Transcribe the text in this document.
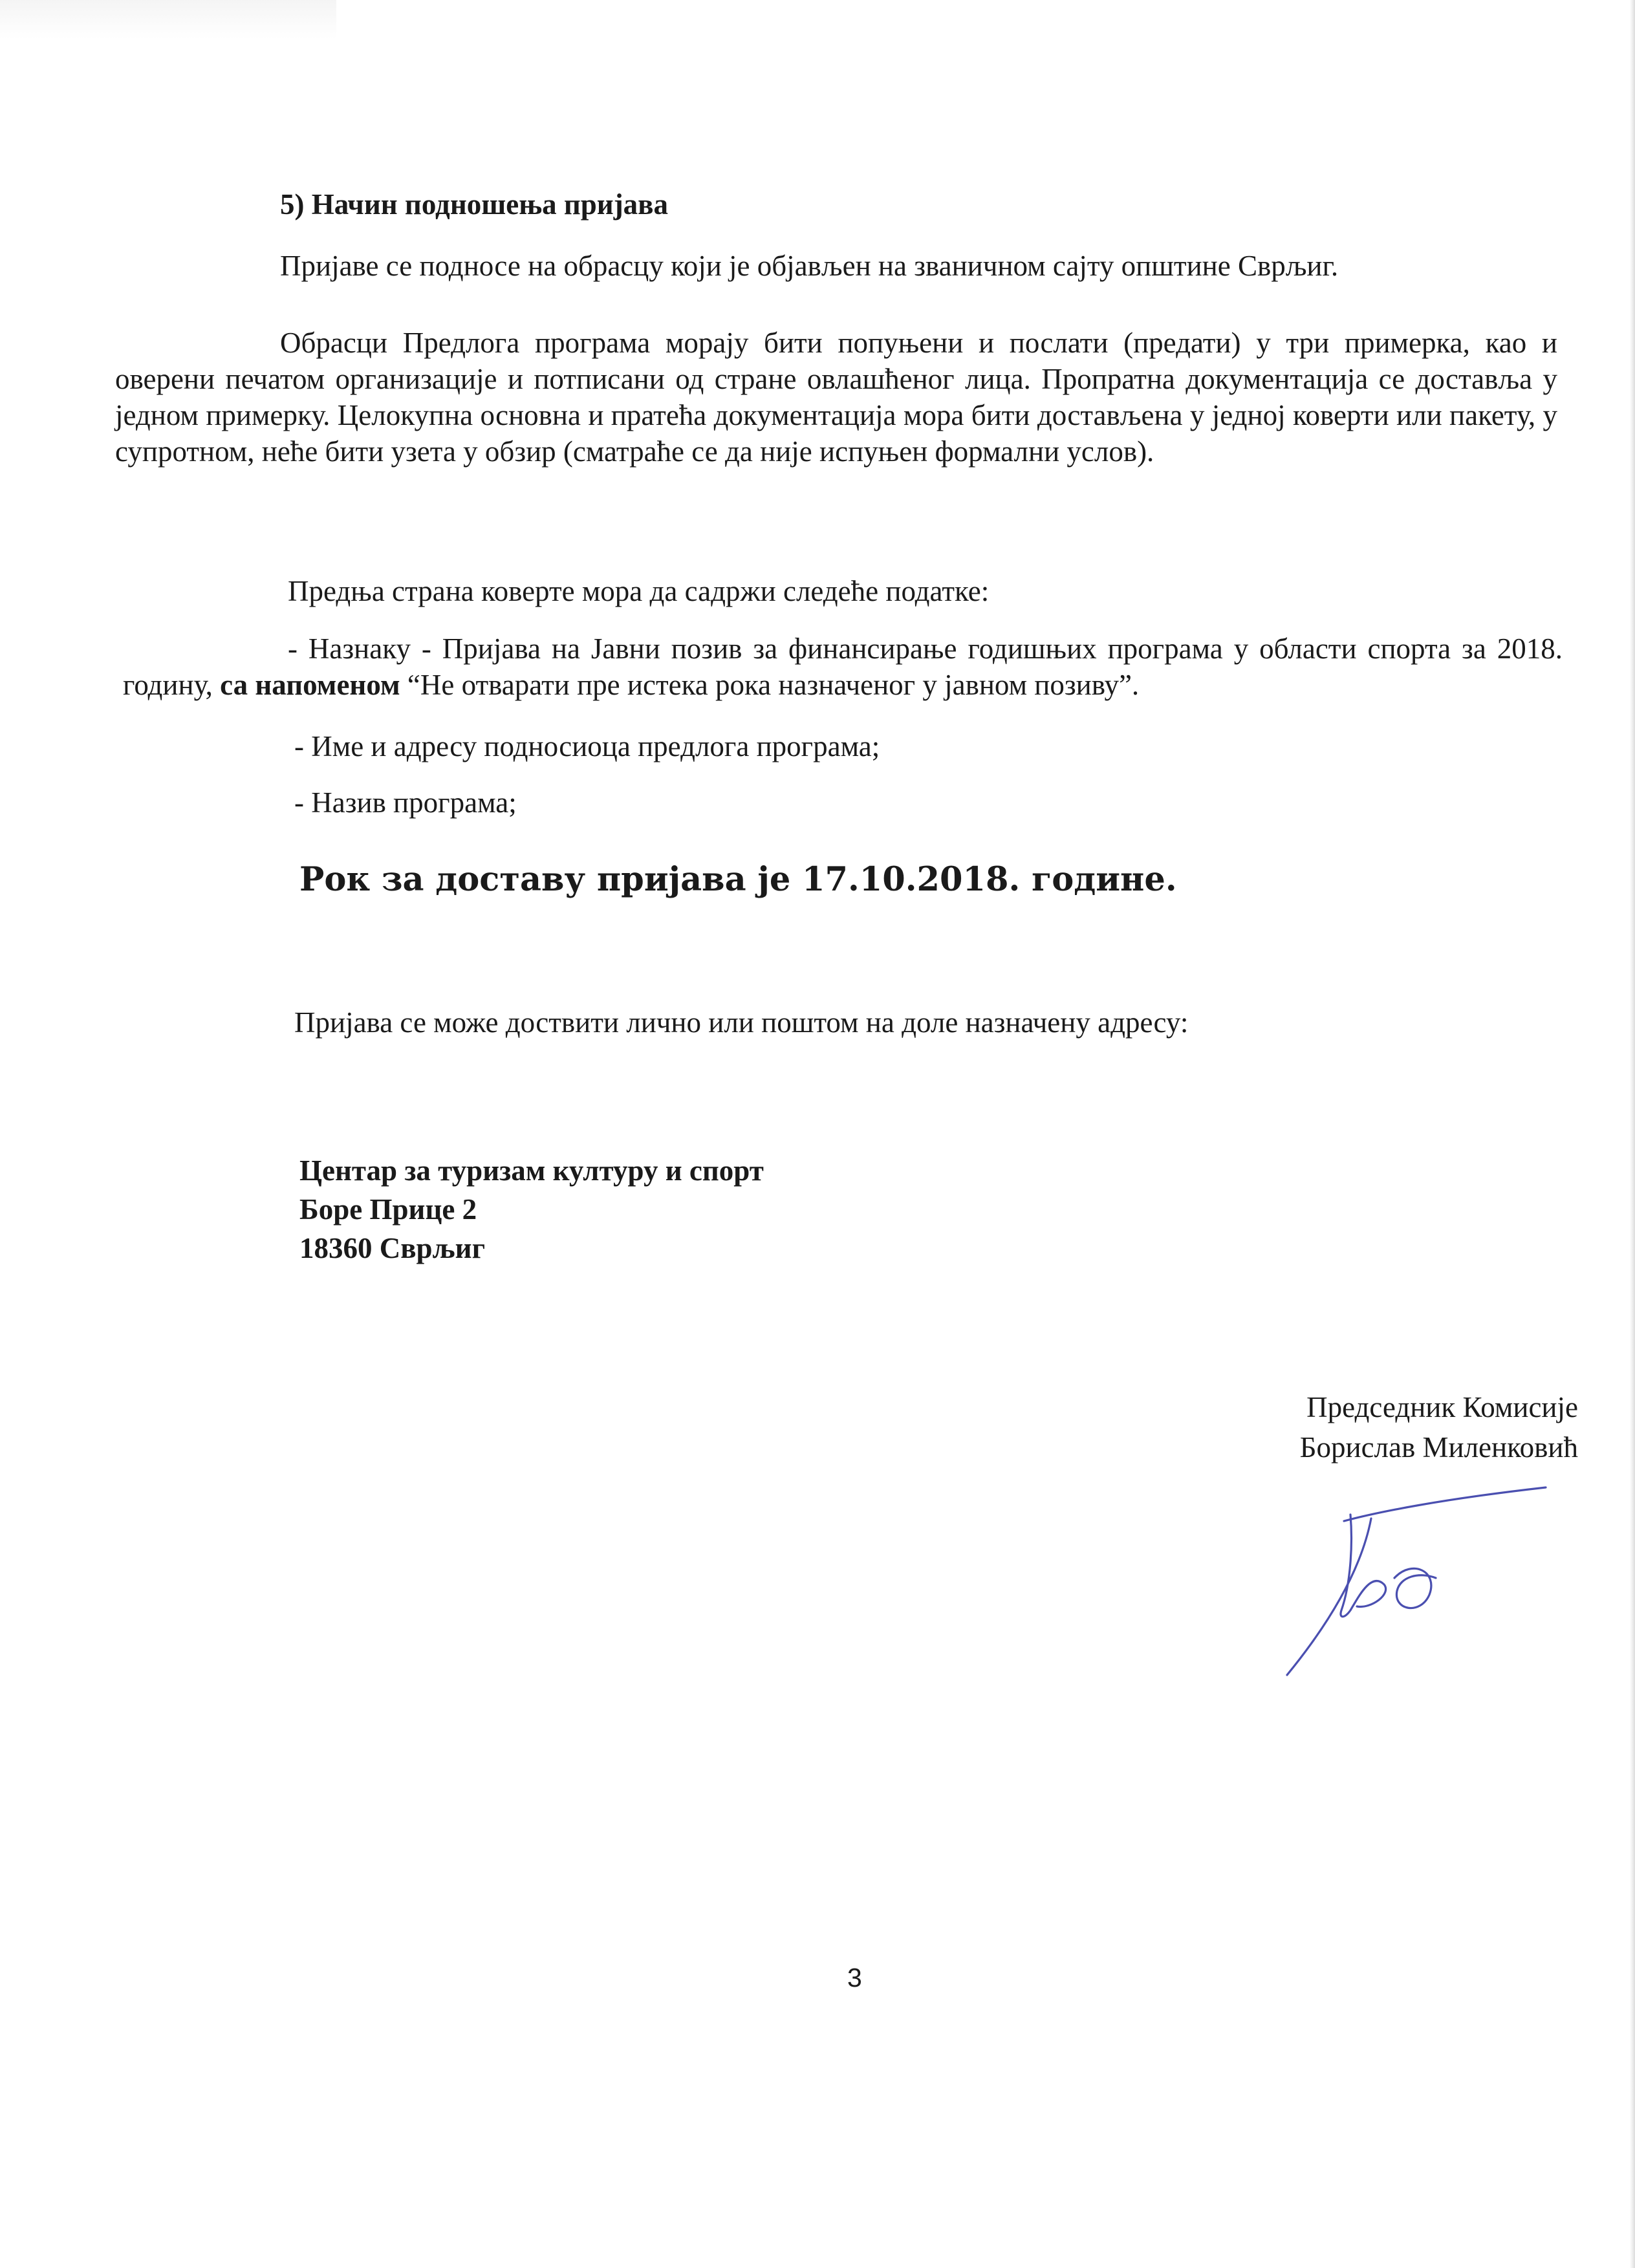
5) Начин подношења пријава
Пријаве се подносе на обрасцу који је објављен на званичном сајту општине Сврљиг.
Обрасци Предлога програма морају бити попуњени и послати (предати) у три примерка, као и оверени печатом организације и потписани од стране овлашћеног лица. Пропратна документација се доставља у једном примерку. Целокупна основна и пратећа документација мора бити достављена у једној коверти или пакету, у супротном, неће бити узета у обзир (сматраће се да није испуњен формални услов).
Предња страна коверте мора да садржи следеће податке:
- Назнаку - Пријава на Јавни позив за финансирање годишњих програма у области спорта за 2018. годину, са напоменом “Не отварати пре истека рока назначеног у јавном позиву”.
- Име и адресу подносиоца предлога програма;
- Назив програма;
Рок за доставу пријава је 17.10.2018. године.
Пријава се може доствити лично или поштом на доле назначену адресу:
Центар за туризам културу и спорт
Боре Прице 2
18360 Сврљиг
Председник Комисије
Борислав Миленковић
3
